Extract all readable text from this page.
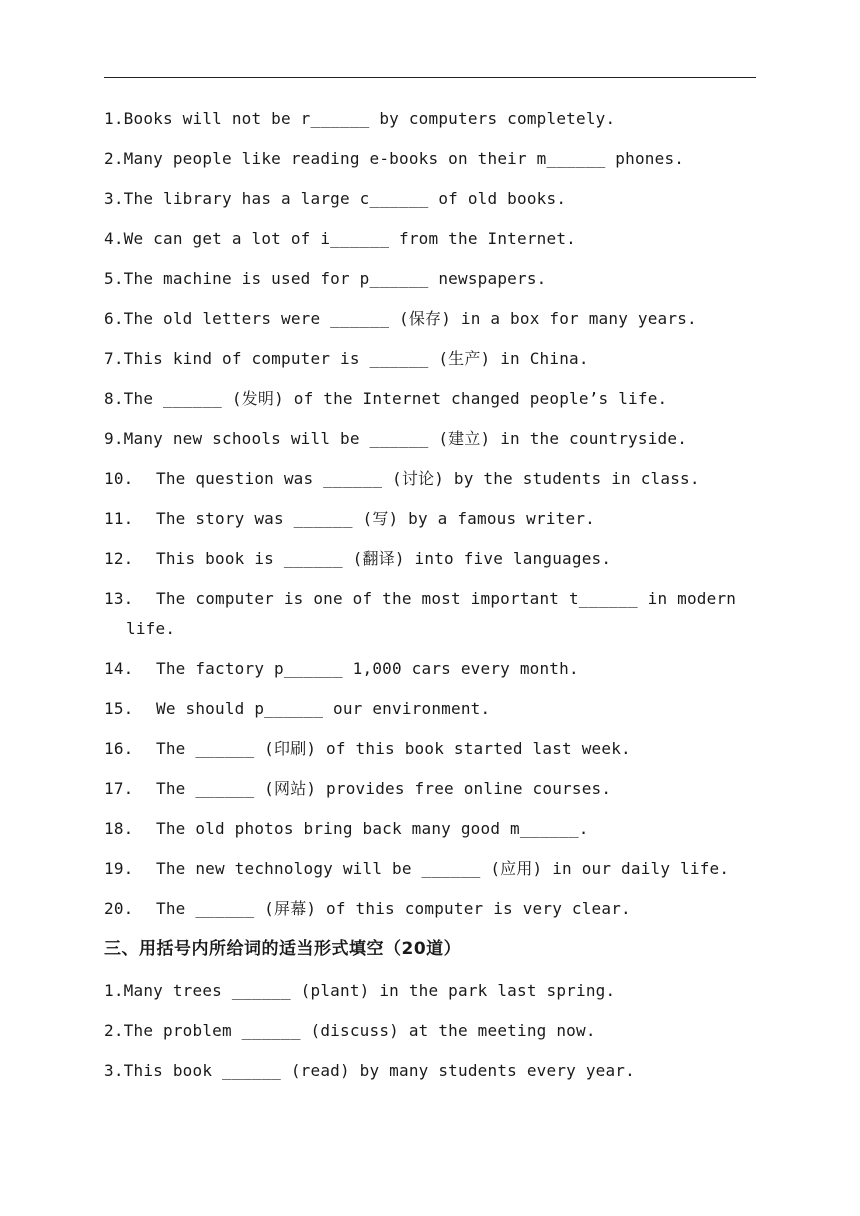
1.Books will not be r______ by computers completely.
2.Many people like reading e-books on their m______ phones.
3.The library has a large c______ of old books.
4.We can get a lot of i______ from the Internet.
5.The machine is used for p______ newspapers.
6.The old letters were ______ (保存) in a box for many years.
7.This kind of computer is ______ (生产) in China.
8.The ______ (发明) of the Internet changed people’s life.
9.Many new schools will be ______ (建立) in the countryside.
10.	The question was ______ (讨论) by the students in class.
11.	The story was ______ (写) by a famous writer.
12.	This book is ______ (翻译) into five languages.
13. The computer is one of the most important t______ in modern
life.
14.	The factory p______ 1,000 cars every month.
15.	We should p______ our environment.
16.	The ______ (印刷) of this book started last week.
17.	The ______ (网站) provides free online courses.
18.	The old photos bring back many good m______.
19.	The new technology will be ______ (应用) in our daily life.
20.	The ______ (屏幕) of this computer is very clear.
三、用括号内所给词的适当形式填空（20道）
1.Many trees ______ (plant) in the park last spring.
2.The problem ______ (discuss) at the meeting now.
3.This book ______ (read) by many students every year.
